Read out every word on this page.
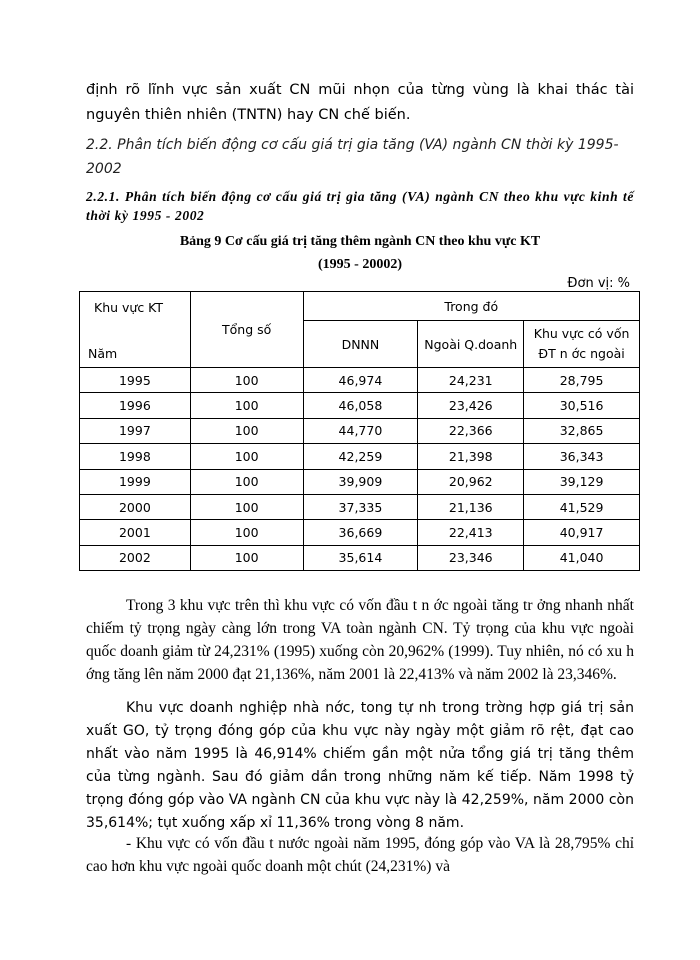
định rõ lĩnh vực sản xuất CN mũi nhọn của từng vùng là khai thác tài nguyên thiên nhiên (TNTN) hay CN chế biến.

2.2. Phân tích biến động cơ cấu giá trị gia tăng (VA) ngành CN thời kỳ 1995-2002

2.2.1. Phân tích biến động cơ cấu giá trị gia tăng (VA) ngành CN theo khu vực kinh tế thời kỳ 1995 - 2002

Bảng 9 Cơ cấu giá trị tăng thêm ngành CN theo khu vực KT

(1995 - 20002)

Đơn vị: %
Khu vực KT
Năm	Tổng số	Trong đó		
		DNNN	Ngoài Q.doanh	Khu vực có vốn
ĐT n ớc ngoài

1995	100	46,974	24,231	28,795
1996	100	46,058	23,426	30,516
1997	100	44,770	22,366	32,865
1998	100	42,259	21,398	36,343
1999	100	39,909	20,962	39,129
2000	100	37,335	21,136	41,529
2001	100	36,669	22,413	40,917
2002	100	35,614	23,346	41,040

Trong 3 khu vực trên thì khu vực có vốn đầu t n ớc ngoài tăng tr ởng nhanh nhất chiếm tỷ trọng ngày càng lớn trong VA toàn ngành CN. Tỷ trọng của khu vực ngoài quốc doanh giảm từ 24,231% (1995) xuống còn 20,962% (1999). Tuy nhiên, nó có xu h ớng tăng lên năm 2000 đạt 21,136%, năm 2001 là 22,413% và năm 2002 là 23,346%.

Khu vực doanh nghiệp nhà nớc, tong tự nh trong trờng hợp giá trị sản xuất GO, tỷ trọng đóng góp của khu vực này ngày một giảm rõ rệt, đạt cao nhất vào năm 1995 là 46,914% chiếm gần một nửa tổng giá trị tăng thêm của từng ngành. Sau đó giảm dần trong những năm kế tiếp. Năm 1998 tỷ trọng đóng góp vào VA ngành CN của khu vực này là 42,259%, năm 2000 còn 35,614%; tụt xuống xấp xỉ 11,36% trong vòng 8 năm.

- Khu vực có vốn đầu t nước ngoài năm 1995, đóng góp vào VA là 28,795% chỉ cao hơn khu vực ngoài quốc doanh một chút (24,231%) và
